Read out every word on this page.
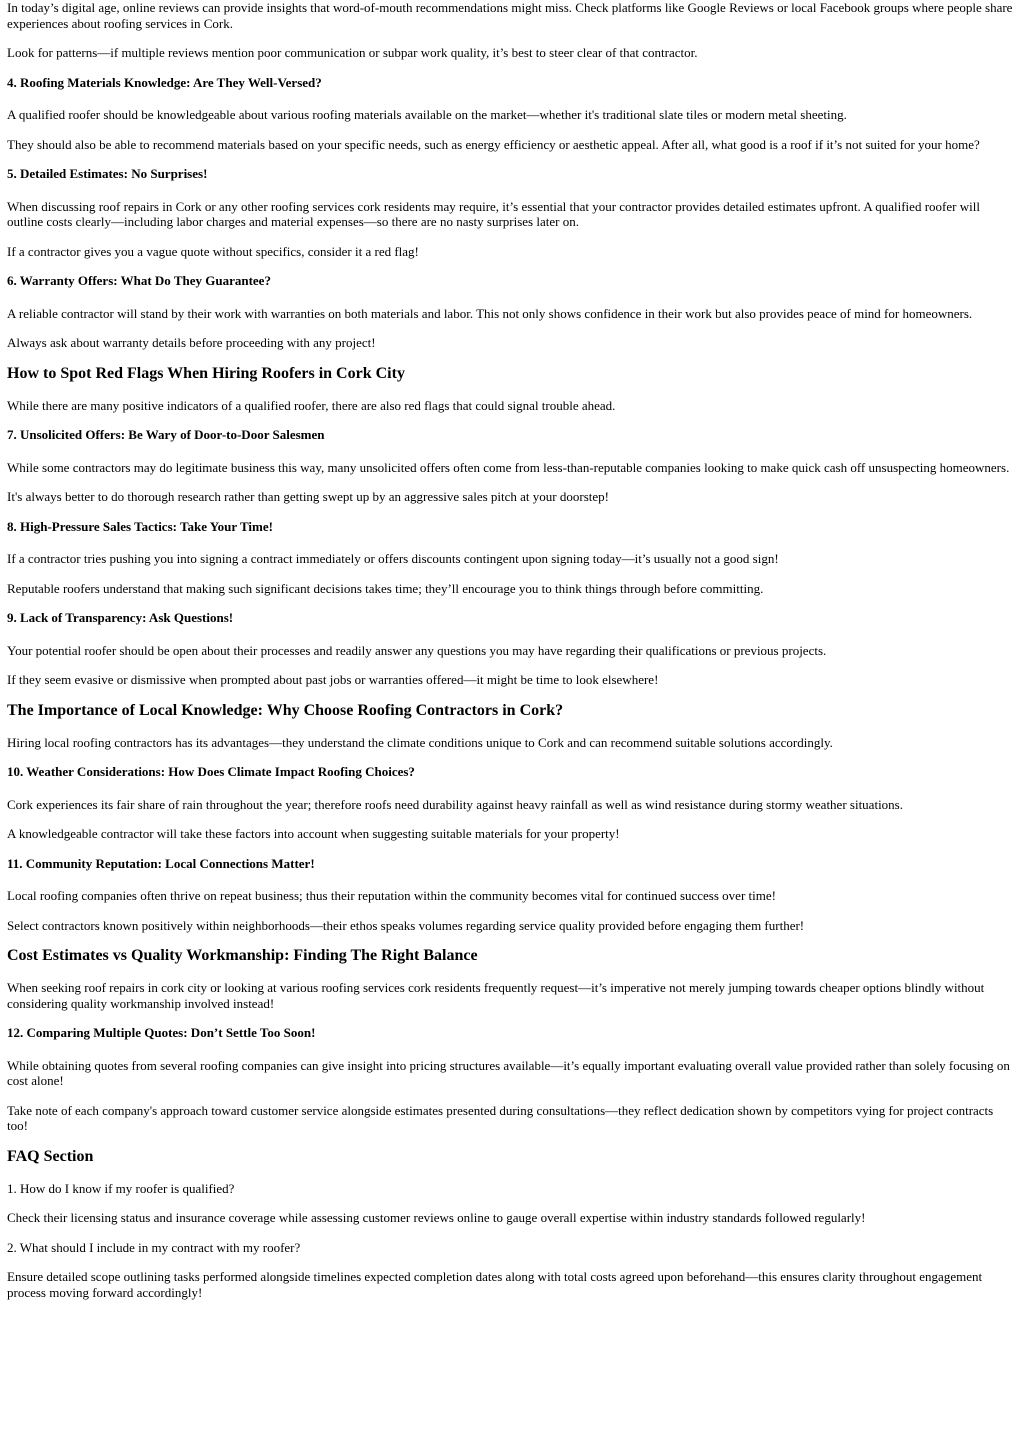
In today’s digital age, online reviews can provide insights that word-of-mouth recommendations might miss. Check platforms like Google Reviews or local Facebook groups where people share experiences about roofing services in Cork.

Look for patterns—if multiple reviews mention poor communication or subpar work quality, it’s best to steer clear of that contractor.

4. Roofing Materials Knowledge: Are They Well-Versed?

A qualified roofer should be knowledgeable about various roofing materials available on the market—whether it's traditional slate tiles or modern metal sheeting.

They should also be able to recommend materials based on your specific needs, such as energy efficiency or aesthetic appeal. After all, what good is a roof if it’s not suited for your home?

5. Detailed Estimates: No Surprises!

When discussing roof repairs in Cork or any other roofing services cork residents may require, it’s essential that your contractor provides detailed estimates upfront. A qualified roofer will outline costs clearly—including labor charges and material expenses—so there are no nasty surprises later on.

If a contractor gives you a vague quote without specifics, consider it a red flag!

6. Warranty Offers: What Do They Guarantee?

A reliable contractor will stand by their work with warranties on both materials and labor. This not only shows confidence in their work but also provides peace of mind for homeowners.

Always ask about warranty details before proceeding with any project!

How to Spot Red Flags When Hiring Roofers in Cork City

While there are many positive indicators of a qualified roofer, there are also red flags that could signal trouble ahead.

7. Unsolicited Offers: Be Wary of Door-to-Door Salesmen

While some contractors may do legitimate business this way, many unsolicited offers often come from less-than-reputable companies looking to make quick cash off unsuspecting homeowners.

It's always better to do thorough research rather than getting swept up by an aggressive sales pitch at your doorstep!

8. High-Pressure Sales Tactics: Take Your Time!

If a contractor tries pushing you into signing a contract immediately or offers discounts contingent upon signing today—it’s usually not a good sign!

Reputable roofers understand that making such significant decisions takes time; they’ll encourage you to think things through before committing.

9. Lack of Transparency: Ask Questions!

Your potential roofer should be open about their processes and readily answer any questions you may have regarding their qualifications or previous projects.

If they seem evasive or dismissive when prompted about past jobs or warranties offered—it might be time to look elsewhere!

The Importance of Local Knowledge: Why Choose Roofing Contractors in Cork?

Hiring local roofing contractors has its advantages—they understand the climate conditions unique to Cork and can recommend suitable solutions accordingly.

10. Weather Considerations: How Does Climate Impact Roofing Choices?

Cork experiences its fair share of rain throughout the year; therefore roofs need durability against heavy rainfall as well as wind resistance during stormy weather situations.

A knowledgeable contractor will take these factors into account when suggesting suitable materials for your property!

11. Community Reputation: Local Connections Matter!

Local roofing companies often thrive on repeat business; thus their reputation within the community becomes vital for continued success over time!

Select contractors known positively within neighborhoods—their ethos speaks volumes regarding service quality provided before engaging them further!

Cost Estimates vs Quality Workmanship: Finding The Right Balance

When seeking roof repairs in cork city or looking at various roofing services cork residents frequently request—it’s imperative not merely jumping towards cheaper options blindly without considering quality workmanship involved instead!

12. Comparing Multiple Quotes: Don’t Settle Too Soon!

While obtaining quotes from several roofing companies can give insight into pricing structures available—it’s equally important evaluating overall value provided rather than solely focusing on cost alone!

Take note of each company's approach toward customer service alongside estimates presented during consultations—they reflect dedication shown by competitors vying for project contracts too!

FAQ Section

1. How do I know if my roofer is qualified?

Check their licensing status and insurance coverage while assessing customer reviews online to gauge overall expertise within industry standards followed regularly!

2. What should I include in my contract with my roofer?

Ensure detailed scope outlining tasks performed alongside timelines expected completion dates along with total costs agreed upon beforehand—this ensures clarity throughout engagement process moving forward accordingly!
